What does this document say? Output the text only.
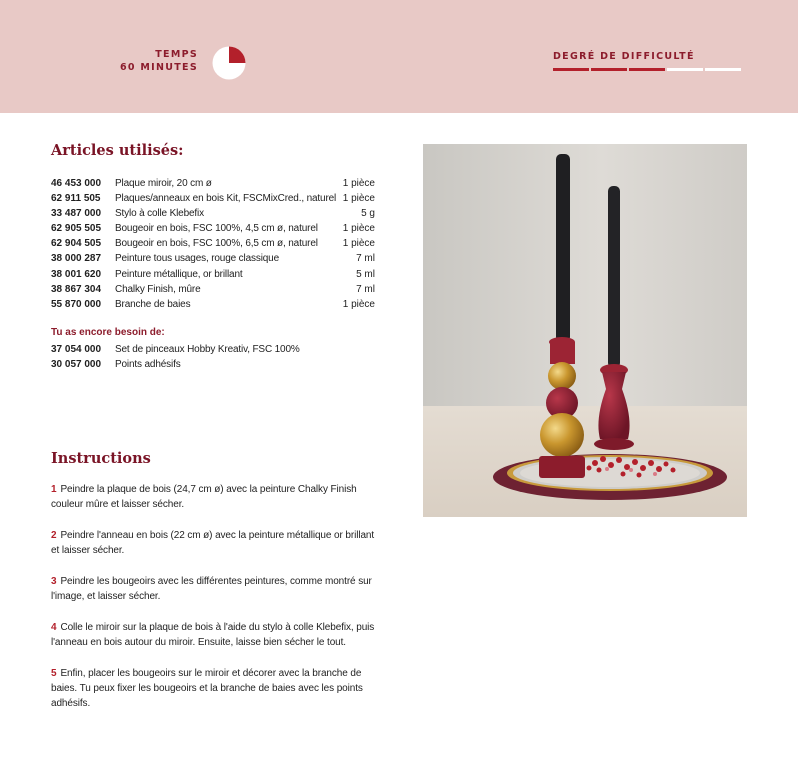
TEMPS
60 MINUTES
DEGRÉ DE DIFFICULTÉ
Articles utilisés:
46 453 000	Plaque miroir, 20 cm ø	1 pièce
62 911 505	Plaques/anneaux en bois Kit, FSCMixCred., naturel 1 pièce
33 487 000	Stylo à colle Klebefix	5 g
62 905 505	Bougeoir en bois, FSC 100%, 4,5 cm ø, naturel	1 pièce
62 904 505	Bougeoir en bois, FSC 100%, 6,5 cm ø, naturel	1 pièce
38 000 287	Peinture tous usages, rouge classique	7 ml
38 001 620	Peinture métallique, or brillant	5 ml
38 867 304	Chalky Finish, mûre	7 ml
55 870 000	Branche de baies	1 pièce
Tu as encore besoin de:
37 054 000	Set de pinceaux Hobby Kreativ, FSC 100%
30 057 000	Points adhésifs
Instructions

1 Peindre la plaque de bois (24,7 cm ø) avec la peinture Chalky Finish couleur mûre et laisser sécher.

2 Peindre l'anneau en bois (22 cm ø) avec la peinture métallique or brillant et laisser sécher.

3 Peindre les bougeoirs avec les différentes peintures, comme montré sur l'image, et laisser sécher.

4 Colle le miroir sur la plaque de bois à l'aide du stylo à colle Klebefix, puis l'anneau en bois autour du miroir. Ensuite, laisse bien sécher le tout.

5 Enfin, placer les bougeoirs sur le miroir et décorer avec la branche de baies. Tu peux fixer les bougeoirs et la branche de baies avec les points adhésifs.
